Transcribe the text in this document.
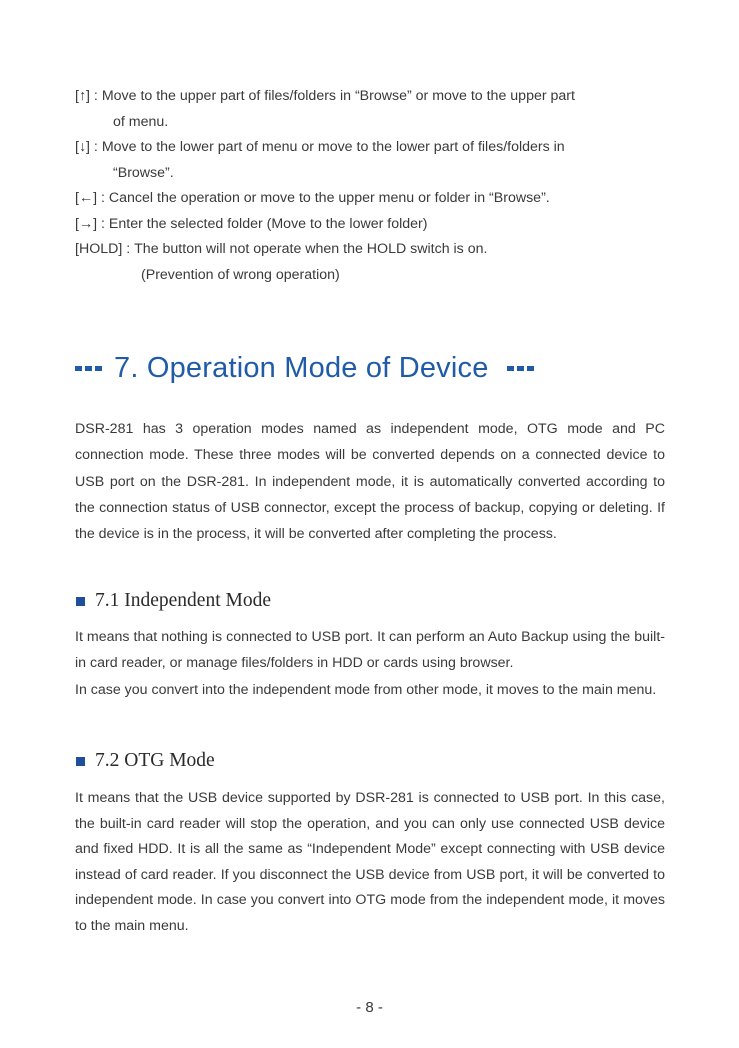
[↑] : Move to the upper part of files/folders in “Browse” or move to the upper part
of menu.
[↓] : Move to the lower part of menu or move to the lower part of files/folders in
“Browse”.
[←] : Cancel the operation or move to the upper menu or folder in “Browse”.
[→] : Enter the selected folder (Move to the lower folder)
[HOLD] : The button will not operate when the HOLD switch is on.
(Prevention of wrong operation)
7. Operation Mode of Device
DSR-281 has 3 operation modes named as independent mode, OTG mode and PC connection mode. These three modes will be converted depends on a connected device to USB port on the DSR-281. In independent mode, it is automatically converted according to the connection status of USB connector, except the process of backup, copying or deleting. If the device is in the process, it will be converted after completing the process.
7.1 Independent Mode
It means that nothing is connected to USB port. It can perform an Auto Backup using the built-in card reader, or manage files/folders in HDD or cards using browser.
In case you convert into the independent mode from other mode, it moves to the main menu.
7.2 OTG Mode
It means that the USB device supported by DSR-281 is connected to USB port. In this case, the built-in card reader will stop the operation, and you can only use connected USB device and fixed HDD. It is all the same as “Independent Mode” except connecting with USB device instead of card reader. If you disconnect the USB device from USB port, it will be converted to independent mode. In case you convert into OTG mode from the independent mode, it moves to the main menu.
- 8 -
